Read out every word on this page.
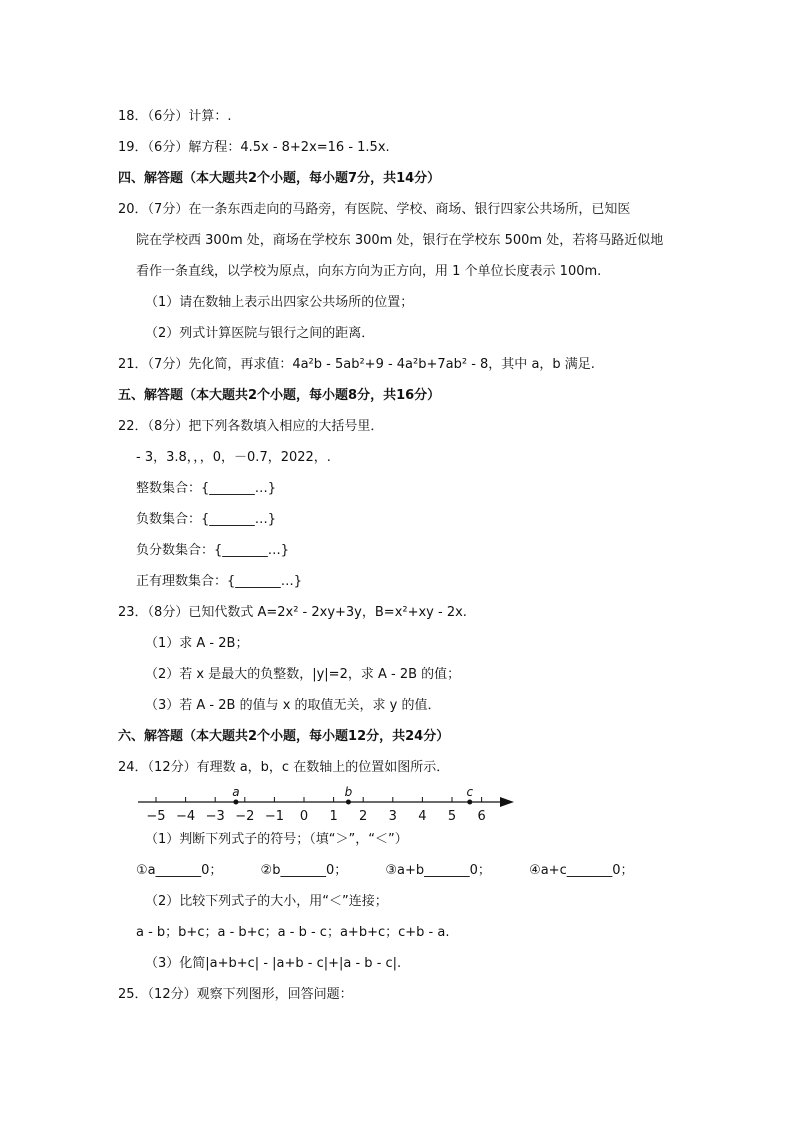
18．（6分）计算：.
19．（6分）解方程：4.5x - 8+2x=16 - 1.5x.
四、解答题（本大题共2个小题，每小题7分，共14分）
20．（7分）在一条东西走向的马路旁，有医院、学校、商场、银行四家公共场所，已知医
院在学校西 300m 处，商场在学校东 300m 处，银行在学校东 500m 处，若将马路近似地
看作一条直线，以学校为原点，向东方向为正方向，用 1 个单位长度表示 100m.
（1）请在数轴上表示出四家公共场所的位置；
（2）列式计算医院与银行之间的距离．
21．（7分）先化简，再求值：4a²b - 5ab²+9 - 4a²b+7ab² - 8，其中 a，b 满足.
五、解答题（本大题共2个小题，每小题8分，共16分）
22．（8分）把下列各数填入相应的大括号里．
- 3，3.8，，，0，－0.7，2022，.
整数集合：{_______…}
负数集合：{_______…}
负分数集合：{_______…}
正有理数集合：{_______…}
23．（8分）已知代数式 A=2x² - 2xy+3y，B=x²+xy - 2x.
（1）求 A - 2B；
（2）若 x 是最大的负整数，|y|=2，求 A - 2B 的值；
（3）若 A - 2B 的值与 x 的取值无关，求 y 的值．
六、解答题（本大题共2个小题，每小题12分，共24分）
24．（12分）有理数 a，b，c 在数轴上的位置如图所示．
−5 −4 −3 −2 −1 0 1 2 3 4 5 6
a	b	c
（1）判断下列式子的符号；（填“＞”，“＜”）
①a_______0；	②b_______0；	③a+b_______0；	④a+c_______0；
（2）比较下列式子的大小，用“＜”连接；
a - b；b+c；a - b+c；a - b - c；a+b+c；c+b - a.
（3）化简|a+b+c| - |a+b - c|+|a - b - c|.
25．（12分）观察下列图形，回答问题：
